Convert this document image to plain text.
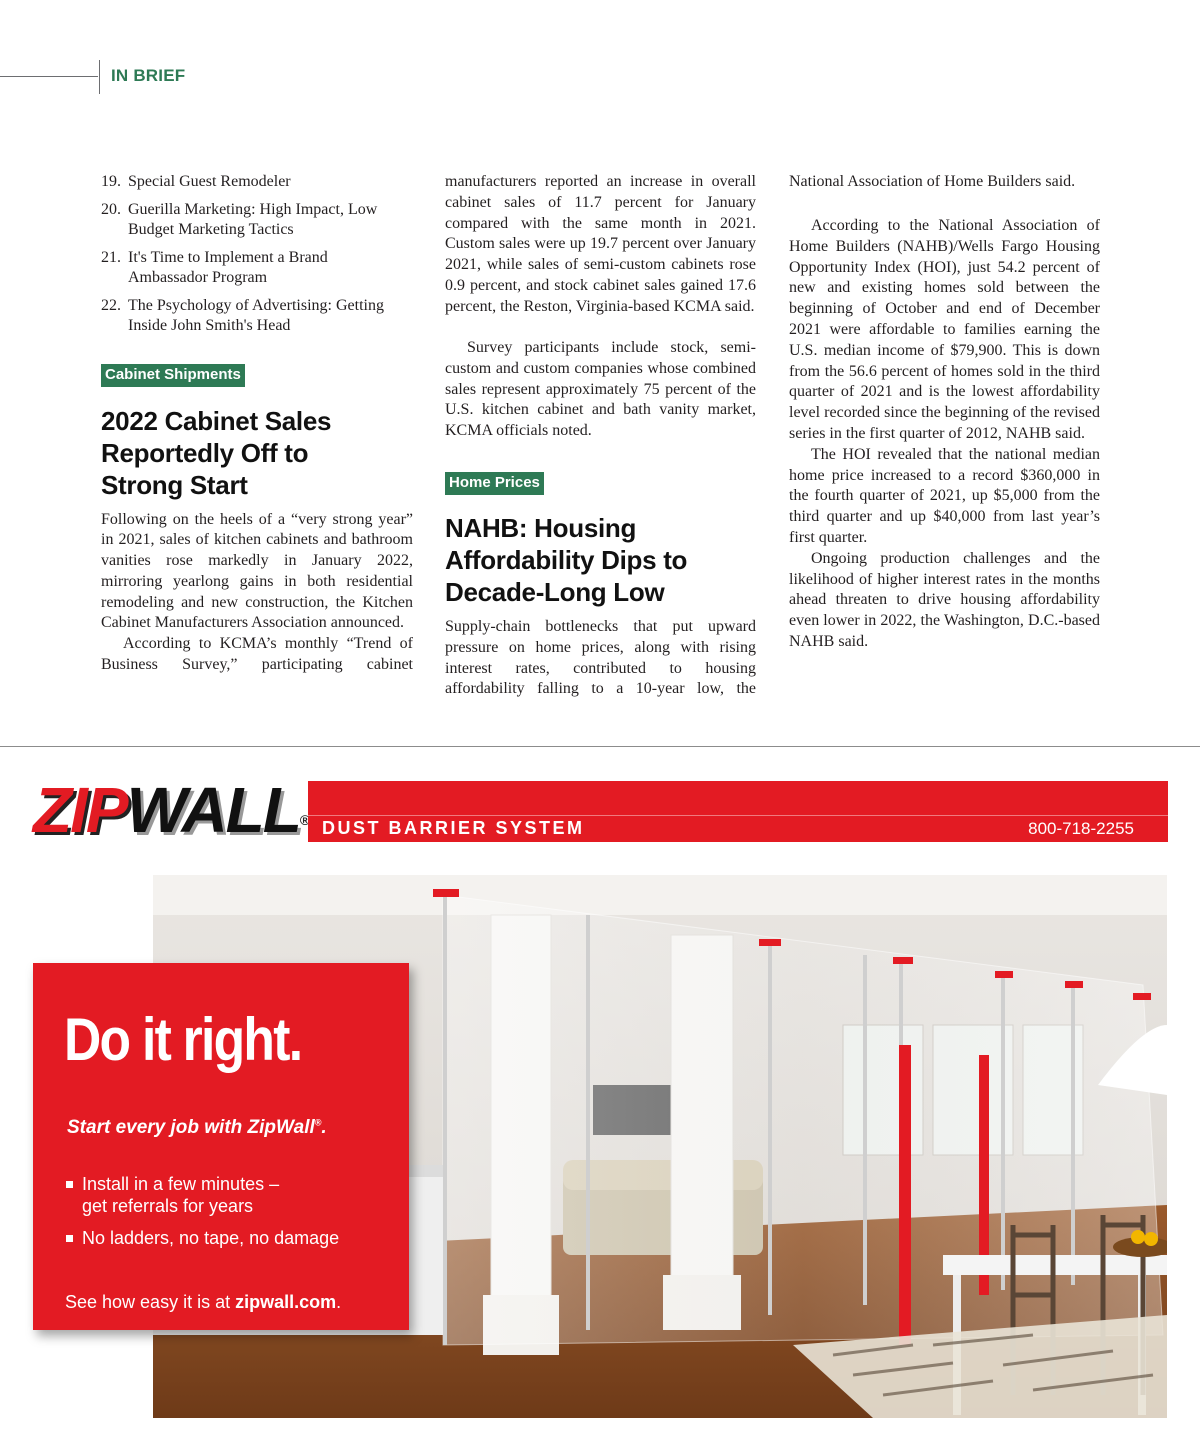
IN BRIEF
19. Special Guest Remodeler
20. Guerilla Marketing: High Impact, Low
Budget Marketing Tactics
21. It's Time to Implement a Brand
Ambassador Program
22. The Psychology of Advertising: Getting
Inside John Smith's Head
Cabinet Shipments
2022 Cabinet Sales
Reportedly Off to
Strong Start

Following on the heels of a “very strong year” in 2021, sales of kitchen cabinets and bathroom vanities rose markedly in January 2022, mirroring yearlong gains in both residential remodeling and new construction, the Kitchen Cabinet Manufacturers Association announced.

According to KCMA’s monthly “Trend of Business Survey,” participating cabinet

manufacturers reported an increase in overall cabinet sales of 11.7 percent for January compared with the same month in 2021. Custom sales were up 19.7 percent over January 2021, while sales of semi-custom cabinets rose 0.9 percent, and stock cabinet sales gained 17.6 percent, the Reston, Virginia-based KCMA said.

Survey participants include stock, semi-custom and custom companies whose combined sales represent approximately 75 percent of the U.S. kitchen cabinet and bath vanity market, KCMA officials noted.

Home Prices
NAHB: Housing
Affordability Dips to
Decade-Long Low

Supply-chain bottlenecks that put upward pressure on home prices, along with rising interest rates, contributed to housing affordability falling to a 10-year low, the

National Association of Home Builders said.

According to the National Association of Home Builders (NAHB)/Wells Fargo Housing Opportunity Index (HOI), just 54.2 percent of new and existing homes sold between the beginning of October and end of December 2021 were affordable to families earning the U.S. median income of $79,900. This is down from the 56.6 percent of homes sold in the third quarter of 2021 and is the lowest affordability level recorded since the beginning of the revised series in the first quarter of 2012, NAHB said.

The HOI revealed that the national median home price increased to a record $360,000 in the fourth quarter of 2021, up $5,000 from the third quarter and up $40,000 from last year’s first quarter.

Ongoing production challenges and the likelihood of higher interest rates in the months ahead threaten to drive housing affordability even lower in 2022, the Washington, D.C.-based NAHB said.

ZIPWALL® DUST BARRIER SYSTEM	800-718-2255
Do it right.
Start every job with ZipWall®.
Install in a few minutes –
get referrals for years
No ladders, no tape, no damage
See how easy it is at zipwall.com.
